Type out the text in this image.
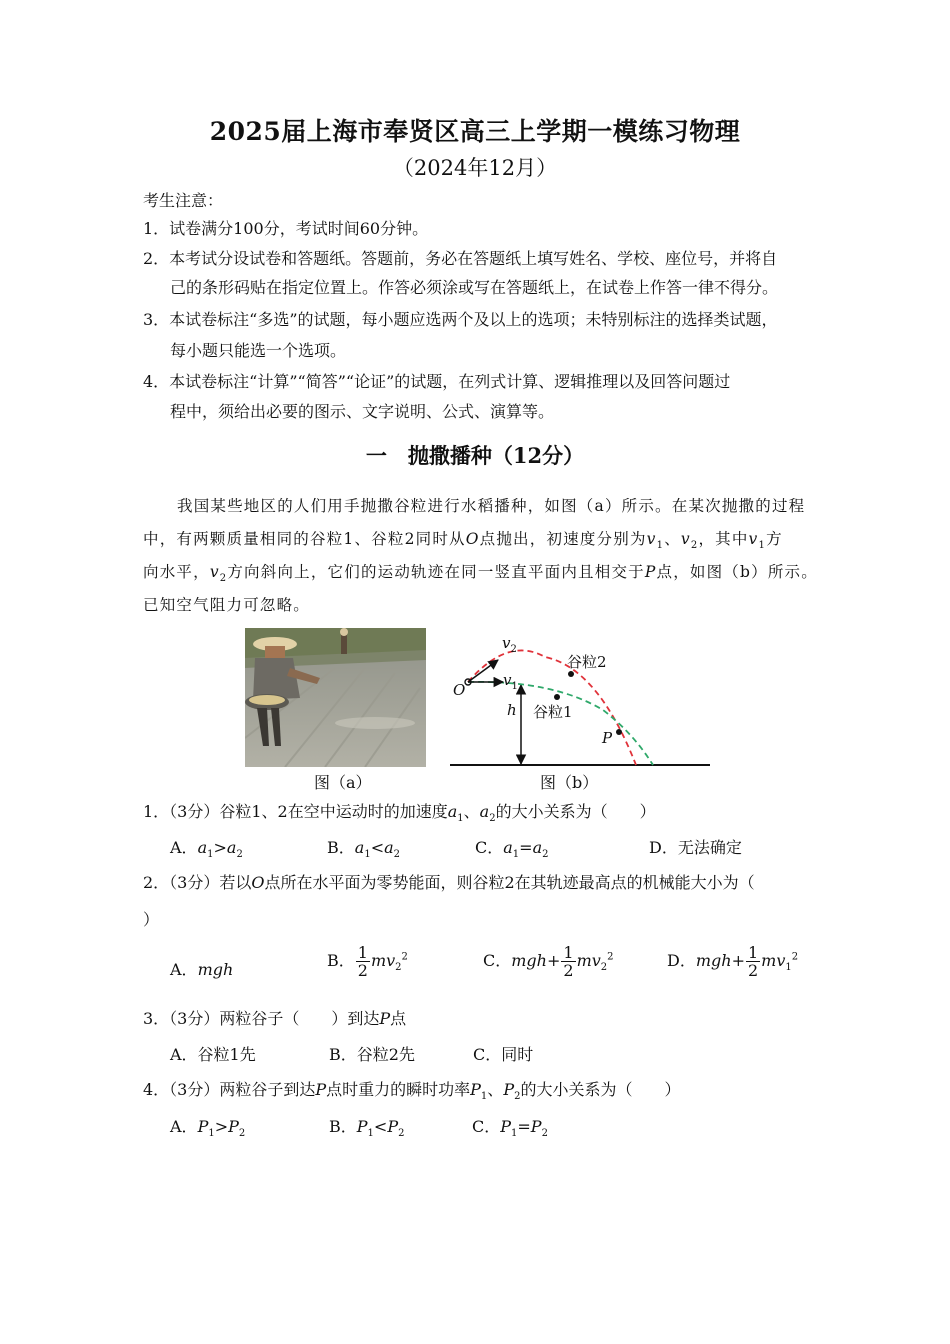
2025届上海市奉贤区高三上学期一模练习物理
（2024年12月）
考生注意：
1．试卷满分100分，考试时间60分钟。
2．本考试分设试卷和答题纸。答题前，务必在答题纸上填写姓名、学校、座位号，并将自
己的条形码贴在指定位置上。作答必须涂或写在答题纸上，在试卷上作答一律不得分。
3．本试卷标注“多选”的试题，每小题应选两个及以上的选项；未特别标注的选择类试题，
每小题只能选一个选项。
4．本试卷标注“计算”“简答”“论证”的试题，在列式计算、逻辑推理以及回答问题过
程中，须给出必要的图示、文字说明、公式、演算等。
一　抛撒播种（12分）
我国某些地区的人们用手抛撒谷粒进行水稻播种，如图（a）所示。在某次抛撒的过程
中，有两颗质量相同的谷粒1、谷粒2同时从O点抛出，初速度分别为$v_1$、$v_2$，其中$v_1$方
向水平，$v_2$方向斜向上，它们的运动轨迹在同一竖直平面内且相交于P点，如图（b）所示。
已知空气阻力可忽略。
$v_2$
$v_1$
O
h
谷粒2
谷粒1
P
图（a）	图（b）
1．（3分）谷粒1、2在空中运动时的加速度$a_1$、$a_2$的大小关系为（　　）
A．$a_1>a_2$	B．$a_1<a_2$	C．$a_1=a_2$	D．无法确定
2．（3分）若以O点所在水平面为零势能面，则谷粒2在其轨迹最高点的机械能大小为（
）
A．mgh	B． $\frac{1}{2} mv_2^2$	C．$mgh+ \frac{1}{2} mv_2^2$	D．$mgh+ \frac{1}{2} mv_1^2$
3．（3分）两粒谷子（　　）到达P点
A．谷粒1先	B．谷粒2先	C．同时
4．（3分）两粒谷子到达P点时重力的瞬时功率$P_1$、$P_2$的大小关系为（　　）
A．$P_1>P_2$	B．$P_1<P_2$	C．$P_1=P_2$
